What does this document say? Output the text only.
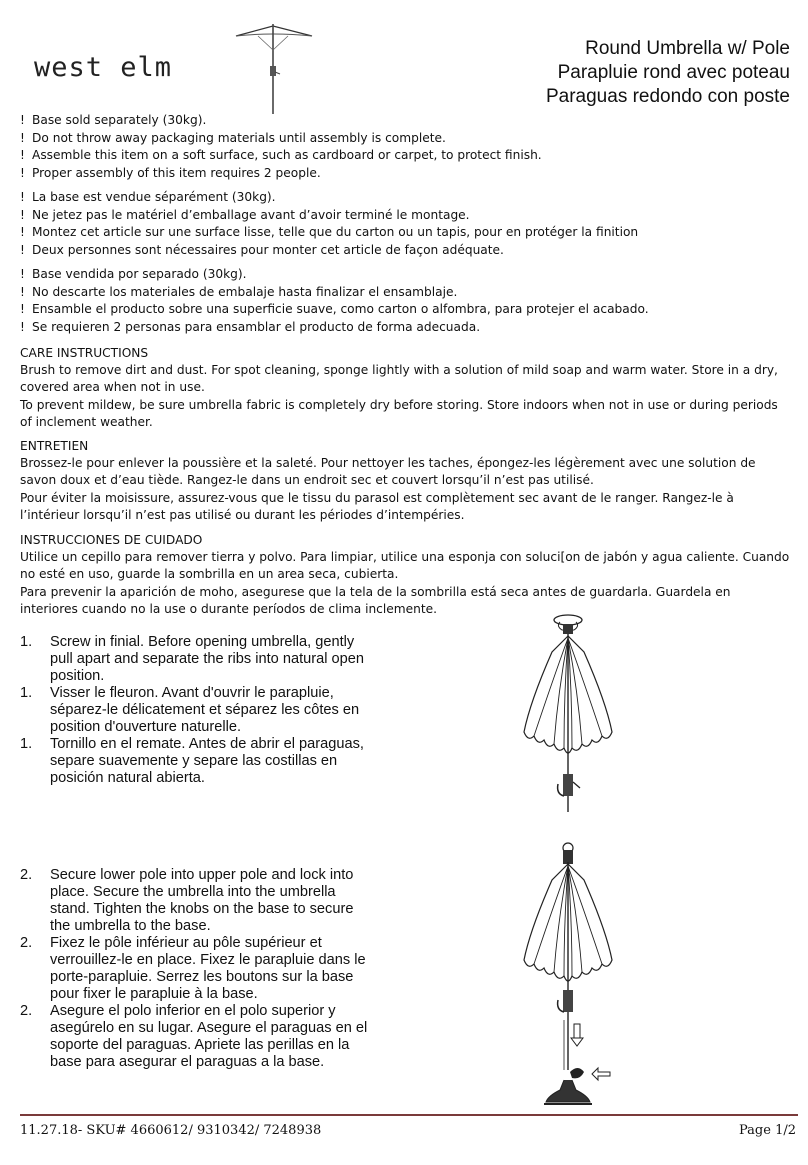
west elm
Round Umbrella w/ Pole
Parapluie rond avec poteau
Paraguas redondo con poste
! Base sold separately (30kg).
! Do not throw away packaging materials until assembly is complete.
! Assemble this item on a soft surface, such as cardboard or carpet, to protect finish.
! Proper assembly of this item requires 2 people.
! La base est vendue séparément (30kg).
! Ne jetez pas le matériel d’emballage avant d’avoir terminé le montage.
! Montez cet article sur une surface lisse, telle que du carton ou un tapis, pour en protéger la finition
! Deux personnes sont nécessaires pour monter cet article de façon adéquate.
! Base vendida por separado (30kg).
! No descarte los materiales de embalaje hasta finalizar el ensamblaje.
! Ensamble el producto sobre una superficie suave, como carton o alfombra, para protejer el acabado.
! Se requieren 2 personas para ensamblar el producto de forma adecuada.
CARE INSTRUCTIONS

Brush to remove dirt and dust. For spot cleaning, sponge lightly with a solution of mild soap and warm water. Store in a dry, covered area when not in use.

To prevent mildew, be sure umbrella fabric is completely dry before storing. Store indoors when not in use or during periods of inclement weather.

ENTRETIEN

Brossez-le pour enlever la poussière et la saleté. Pour nettoyer les taches, épongez-les légèrement avec une solution de savon doux et d’eau tiède. Rangez-le dans un endroit sec et couvert lorsqu’il n’est pas utilisé.

Pour éviter la moisissure, assurez-vous que le tissu du parasol est complètement sec avant de le ranger. Rangez-le à l’intérieur lorsqu’il n’est pas utilisé ou durant les périodes d’intempéries.

INSTRUCCIONES DE CUIDADO

Utilice un cepillo para remover tierra y polvo. Para limpiar, utilice una esponja con soluci[on de jabón y agua caliente. Cuando no esté en uso, guarde la sombrilla en un area seca, cubierta.

Para prevenir la aparición de moho, asegurese que la tela de la sombrilla está seca antes de guardarla. Guardela en interiores cuando no la use o durante períodos de clima inclemente.

1. Screw in finial. Before opening umbrella, gently pull apart and separate the ribs into natural open position.
1. Visser le fleuron. Avant d'ouvrir le parapluie, séparez-le délicatement et séparez les côtes en position d'ouverture naturelle.
1. Tornillo en el remate. Antes de abrir el paraguas, separe suavemente y separe las costillas en posición natural abierta.
2. Secure lower pole into upper pole and lock into place. Secure the umbrella into the umbrella stand. Tighten the knobs on the base to secure the umbrella to the base.
2. Fixez le pôle inférieur au pôle supérieur et verrouillez-le en place. Fixez le parapluie dans le porte-parapluie. Serrez les boutons sur la base pour fixer le parapluie à la base.
2. Asegure el polo inferior en el polo superior y asegúrelo en su lugar. Asegure el paraguas en el soporte del paraguas. Apriete las perillas en la base para asegurar el paraguas a la base.
11.27.18- SKU# 4660612/ 9310342/ 7248938	Page 1/2
